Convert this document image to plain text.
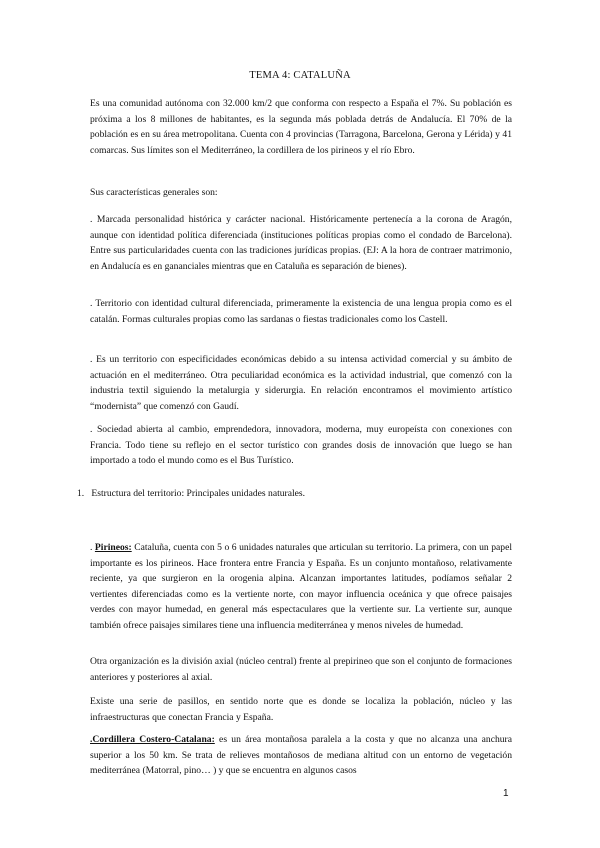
TEMA 4: CATALUÑA

Es una comunidad autónoma con 32.000 km/2 que conforma con respecto a España el 7%. Su población es próxima a los 8 millones de habitantes, es la segunda más poblada detrás de Andalucía. El 70% de la población es en su área metropolitana. Cuenta con 4 provincias (Tarragona, Barcelona, Gerona y Lérida) y 41 comarcas. Sus límites son el Mediterráneo, la cordillera de los pirineos y el río Ebro.

Sus características generales son:

. Marcada personalidad histórica y carácter nacional. Históricamente pertenecía a la corona de Aragón, aunque con identidad política diferenciada (instituciones políticas propias como el condado de Barcelona). Entre sus particularidades cuenta con las tradiciones jurídicas propias. (EJ: A la hora de contraer matrimonio, en Andalucía es en gananciales mientras que en Cataluña es separación de bienes).

. Territorio con identidad cultural diferenciada, primeramente la existencia de una lengua propia como es el catalán. Formas culturales propias como las sardanas o fiestas tradicionales como los Castell.

. Es un territorio con especificidades económicas debido a su intensa actividad comercial y su ámbito de actuación en el mediterráneo. Otra peculiaridad económica es la actividad industrial, que comenzó con la industria textil siguiendo la metalurgia y siderurgia. En relación encontramos el movimiento artístico “modernista” que comenzó con Gaudí.

. Sociedad abierta al cambio, emprendedora, innovadora, moderna, muy europeísta con conexiones con Francia. Todo tiene su reflejo en el sector turístico con grandes dosis de innovación que luego se han importado a todo el mundo como es el Bus Turístico.

1. Estructura del territorio: Principales unidades naturales.

. Pirineos: Cataluña, cuenta con 5 o 6 unidades naturales que articulan su territorio. La primera, con un papel importante es los pirineos. Hace frontera entre Francia y España. Es un conjunto montañoso, relativamente reciente, ya que surgieron en la orogenia alpina. Alcanzan importantes latitudes, podíamos señalar 2 vertientes diferenciadas como es la vertiente norte, con mayor influencia oceánica y que ofrece paisajes verdes con mayor humedad, en general más espectaculares que la vertiente sur. La vertiente sur, aunque también ofrece paisajes similares tiene una influencia mediterránea y menos niveles de humedad.

Otra organización es la división axial (núcleo central) frente al prepirineo que son el conjunto de formaciones anteriores y posteriores al axial.

Existe una serie de pasillos, en sentido norte que es donde se localiza la población, núcleo y las infraestructuras que conectan Francia y España.

.Cordillera Costero-Catalana: es un área montañosa paralela a la costa y que no alcanza una anchura superior a los 50 km. Se trata de relieves montañosos de mediana altitud con un entorno de vegetación mediterránea (Matorral, pino… ) y que se encuentra en algunos casos

1
